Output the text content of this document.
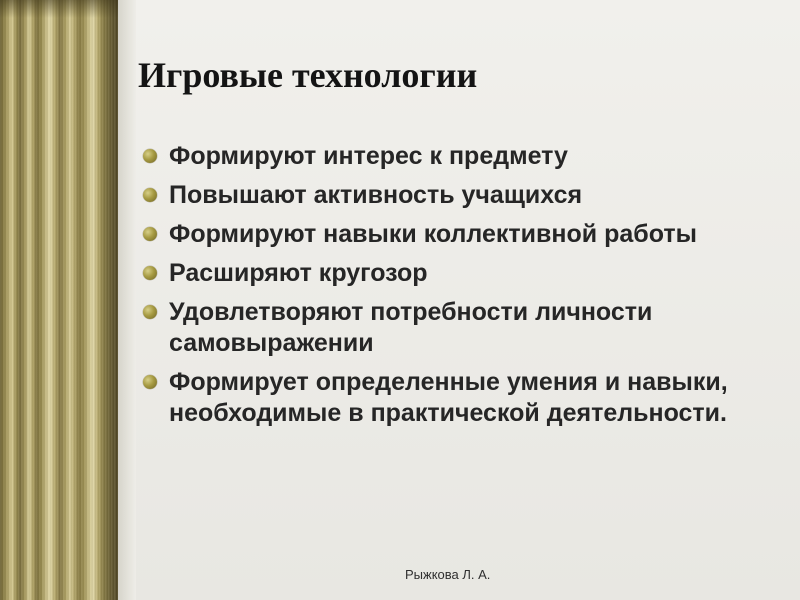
Игровые технологии
Формируют интерес к предмету
Повышают активность учащихся
Формируют навыки коллективной работы
Расширяют кругозор
Удовлетворяют потребности личности самовыражении
Формирует определенные умения и навыки, необходимые в практической деятельности.
Рыжкова Л. А.
